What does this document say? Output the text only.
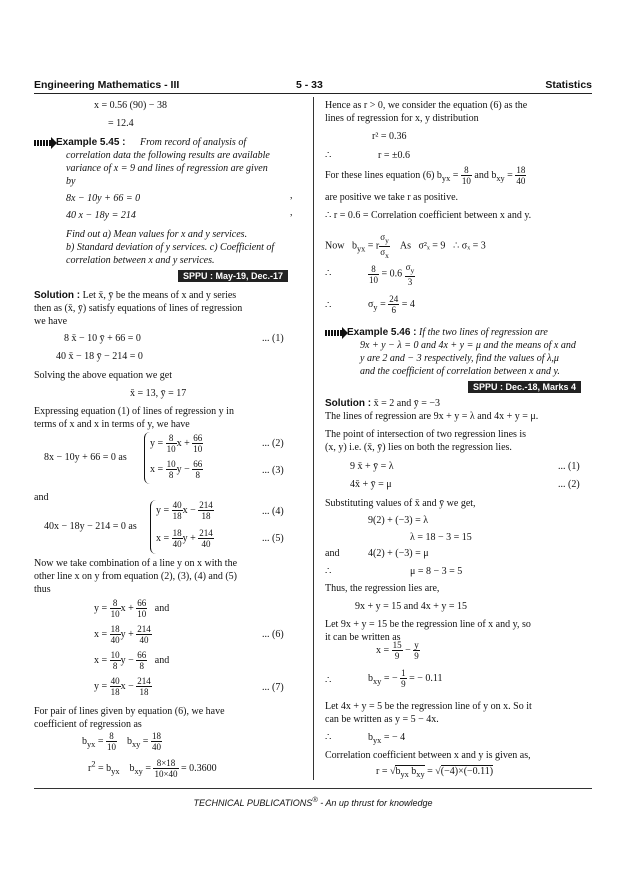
Engineering Mathematics - III	5 - 33	Statistics
x = 0.56 (90) − 38
= 12.4
Example 5.45 : From record of analysis of
correlation data the following results are available
variance of x = 9 and lines of regression are given
by
8x − 10y + 66 = 0	,
40 x − 18y = 214	,
Find out a) Mean values for x and y services.
b) Standard deviation of y services. c) Coefficient of
correlation between x and y services.
SPPU : May-19, Dec.-17
Solution : Let x̄, ȳ be the means of x and y series
then as (x̄, ȳ) satisfy equations of lines of regression
we have
8 x̄ − 10 ȳ + 66 = 0	... (1)
40 x̄ − 18 ȳ − 214 = 0
Solving the above equation we get
x̄ = 13, ȳ = 17
Expressing equation (1) of lines of regression y in
terms of x and x in terms of y, we have
8x − 10y + 66 = 0 as
$y = \frac{8}{10}$ $x + \frac{66}{10}$
$x = \frac{10}{8}$ $y - \frac{66}{8}$
... (2)
... (3)
and
40x − 18y − 214 = 0 as
$y = \frac{40}{18}$ $x - \frac{214}{18}$
$x = \frac{18}{40}$ $y + \frac{214}{40}$
... (4)
... (5)
Now we take combination of a line y on x with the
other line x on y from equation (2), (3), (4) and (5)
thus
$y = \frac{8}{10}$ $x + \frac{66}{10}$ and
$x = \frac{18}{40}$ $y + \frac{214}{40}$	... (6)
$x = \frac{10}{8}$ $y - \frac{66}{8}$ and
$y = \frac{40}{18}$ $x - \frac{214}{18}$	... (7)
For pair of lines given by equation (6), we have
coefficient of regression as
$b_{yx} = \frac{8}{10} b_{xy} = \frac{18}{40}$
$r^2 = b_{yx}$    $b_{xy} = \frac{8\times 18}{10\times 40} = 0.3600$
Hence as r > 0, we consider the equation (6) as the
lines of regression for x, y distribution
r² = 0.36
∴	r = ±0.6
For these lines equation (6) $b_{yx} = \frac{8}{10}$ and $b_{xy} = \frac{18}{40}$
are positive we take r as positive.
∴ r = 0.6 = Correlation coefficient between x and y.
Now   $b_{yx} = r \frac{\sigma_y}{\sigma_x}$ As σ²ₓ = 9 ∴ σₓ = 3
∴	$\frac{8}{10} = 0.6 \frac{\sigma_y}{3}$
∴	$\sigma_y = \frac{24}{6} = 4$
Example 5.46 : If the two lines of regression are
9x + y − λ = 0 and 4x + y = μ and the means of x and
y are 2 and − 3 respectively, find the values of λ,μ
and the coefficient of correlation between x and y.
SPPU : Dec.-18, Marks 4
Solution : x̄ = 2 and ȳ = −3
The lines of regression are 9x + y = λ and 4x + y = μ.
The point of intersection of two regression lines is
(x, y) i.e. (x̄, ȳ) lies on both the regression lies.
9 x̄ + ȳ = λ	... (1)
4x̄ + ȳ = μ	... (2)
Substituting values of x̄ and ȳ we get,
9(2) + (−3) = λ
λ = 18 − 3 = 15
and	4(2) + (−3) = μ
∴	μ = 8 − 3 = 5
Thus, the regression lies are,
9x + y = 15 and 4x + y = 15
Let 9x + y = 15 be the regression line of x and y, so
it can be written as
$x = \frac{15}{9} - \frac{y}{9}$
∴	$b_{xy}$ = − $\frac{1}{9}$ = − 0.11
Let 4x + y = 5 be the regression line of y on x. So it
can be written as y = 5 − 4x.
∴	$b_{yx}$ = − 4
Correlation coefficient between x and y is given as,
$r = √b_{yx}$ $b_{xy} = √(-4)\times(-0.11)$
TECHNICAL PUBLICATIONS® - An up thrust for knowledge
